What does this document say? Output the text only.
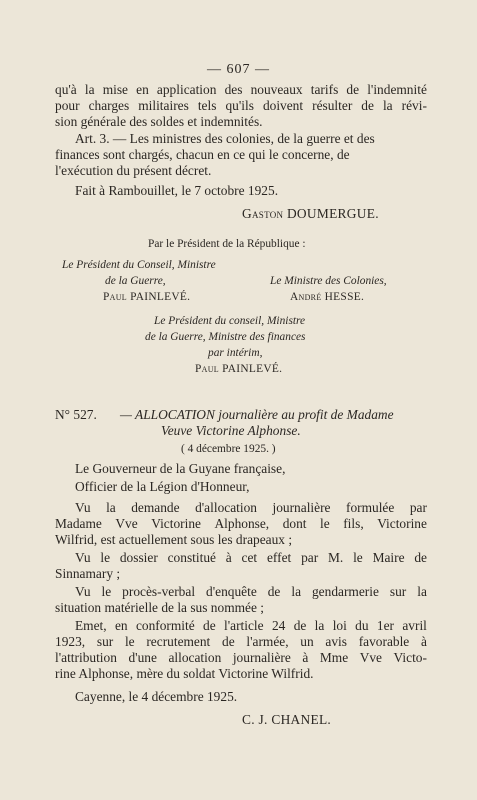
— 607 —
qu'à la mise en application des nouveaux tarifs de l'indemnité
pour charges militaires tels qu'ils doivent résulter de la révi-
sion générale des soldes et indemnités.
Art. 3. — Les ministres des colonies, de la guerre et des
finances sont chargés, chacun en ce qui le concerne, de
l'exécution du présent décret.
Fait à Rambouillet, le 7 octobre 1925.
Gaston DOUMERGUE.
Par le Président de la République :
Le Président du Conseil, Ministre
de la Guerre,	Le Ministre des Colonies,
Paul PAINLEVÉ.	André HESSE.
Le Président du conseil, Ministre
de la Guerre, Ministre des finances
par intérim,
Paul PAINLEVÉ.
N° 527. — ALLOCATION journalière au profit de Madame
Veuve Victorine Alphonse.
( 4 décembre 1925. )
Le Gouverneur de la Guyane française,
Officier de la Légion d'Honneur,
Vu la demande d'allocation journalière formulée par
Madame Vve Victorine Alphonse, dont le fils, Victorine
Wilfrid, est actuellement sous les drapeaux ;
Vu le dossier constitué à cet effet par M. le Maire de
Sinnamary ;
Vu le procès-verbal d'enquête de la gendarmerie sur la
situation matérielle de la sus nommée ;
Emet, en conformité de l'article 24 de la loi du 1er avril
1923, sur le recrutement de l'armée, un avis favorable à
l'attribution d'une allocation journalière à Mme Vve Victo-
rine Alphonse, mère du soldat Victorine Wilfrid.
Cayenne, le 4 décembre 1925.
C. J. CHANEL.
